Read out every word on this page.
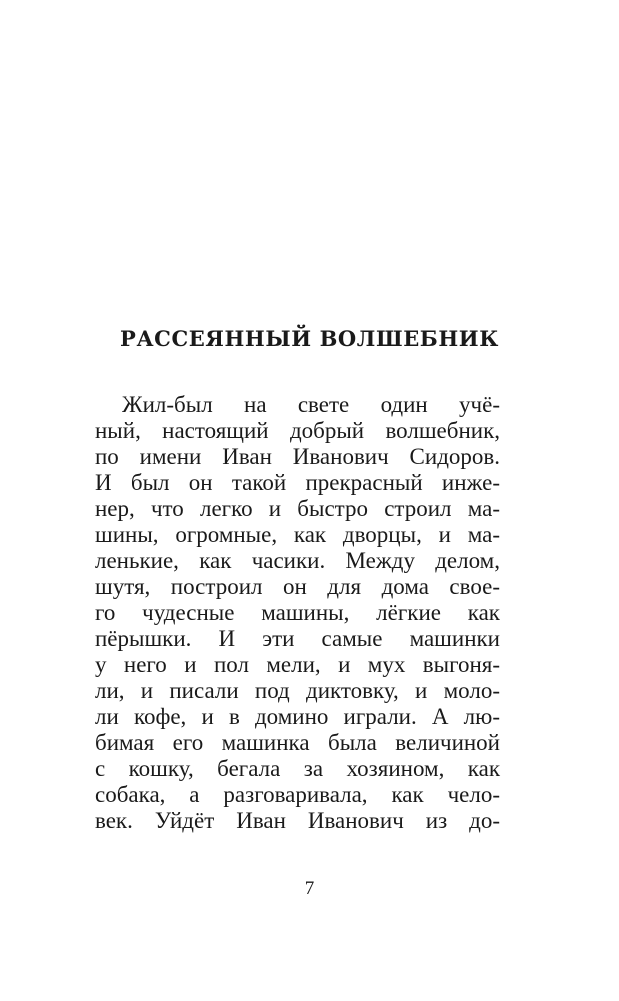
РАССЕЯННЫЙ ВОЛШЕБНИК
Жил-был на свете один учё-
ный, настоящий добрый волшебник,
по имени Иван Иванович Сидоров.
И был он такой прекрасный инже-
нер, что легко и быстро строил ма-
шины, огромные, как дворцы, и ма-
ленькие, как часики. Между делом,
шутя, построил он для дома свое-
го чудесные машины, лёгкие как
пёрышки. И эти самые машинки
у него и пол мели, и мух выгоня-
ли, и писали под диктовку, и моло-
ли кофе, и в домино играли. А лю-
бимая его машинка была величиной
с кошку, бегала за хозяином, как
собака, а разговаривала, как чело-
век. Уйдёт Иван Иванович из до-
7
